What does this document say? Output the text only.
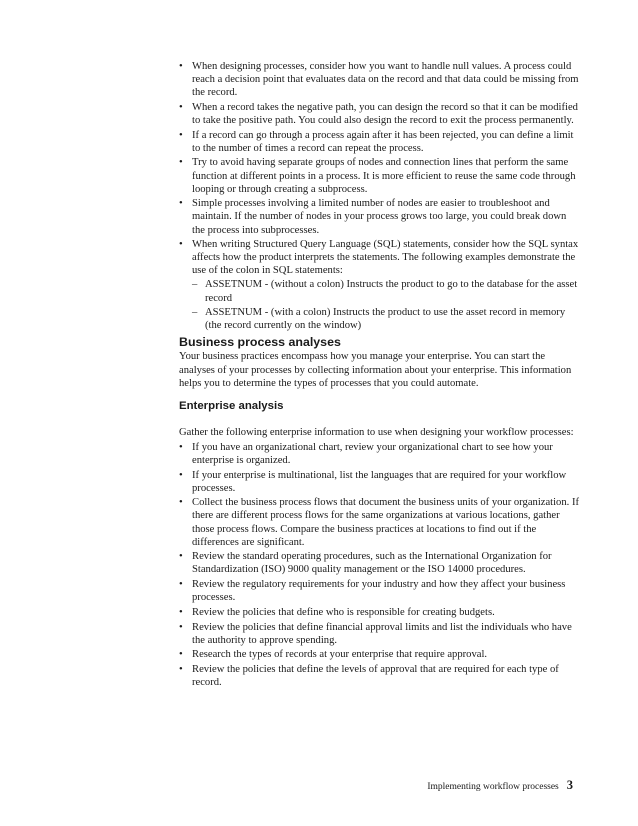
• When designing processes, consider how you want to handle null values. A process could reach a decision point that evaluates data on the record and that data could be missing from the record.
• When a record takes the negative path, you can design the record so that it can be modified to take the positive path. You could also design the record to exit the process permanently.
• If a record can go through a process again after it has been rejected, you can define a limit to the number of times a record can repeat the process.
• Try to avoid having separate groups of nodes and connection lines that perform the same function at different points in a process. It is more efficient to reuse the same code through looping or through creating a subprocess.
• Simple processes involving a limited number of nodes are easier to troubleshoot and maintain. If the number of nodes in your process grows too large, you could break down the process into subprocesses.
• When writing Structured Query Language (SQL) statements, consider how the SQL syntax affects how the product interprets the statements. The following examples demonstrate the use of the colon in SQL statements:
– ASSETNUM - (without a colon) Instructs the product to go to the database for the asset record
– ASSETNUM - (with a colon) Instructs the product to use the asset record in memory (the record currently on the window)
Business process analyses

Your business practices encompass how you manage your enterprise. You can start the analyses of your processes by collecting information about your enterprise. This information helps you to determine the types of processes that you could automate.

Enterprise analysis

Gather the following enterprise information to use when designing your workflow processes:

• If you have an organizational chart, review your organizational chart to see how your enterprise is organized.
• If your enterprise is multinational, list the languages that are required for your workflow processes.
• Collect the business process flows that document the business units of your organization. If there are different process flows for the same organizations at various locations, gather those process flows. Compare the business practices at locations to find out if the differences are significant.
• Review the standard operating procedures, such as the International Organization for Standardization (ISO) 9000 quality management or the ISO 14000 procedures.
• Review the regulatory requirements for your industry and how they affect your business processes.
• Review the policies that define who is responsible for creating budgets.
• Review the policies that define financial approval limits and list the individuals who have the authority to approve spending.
• Research the types of records at your enterprise that require approval.
• Review the policies that define the levels of approval that are required for each type of record.
Implementing workflow processes 3
